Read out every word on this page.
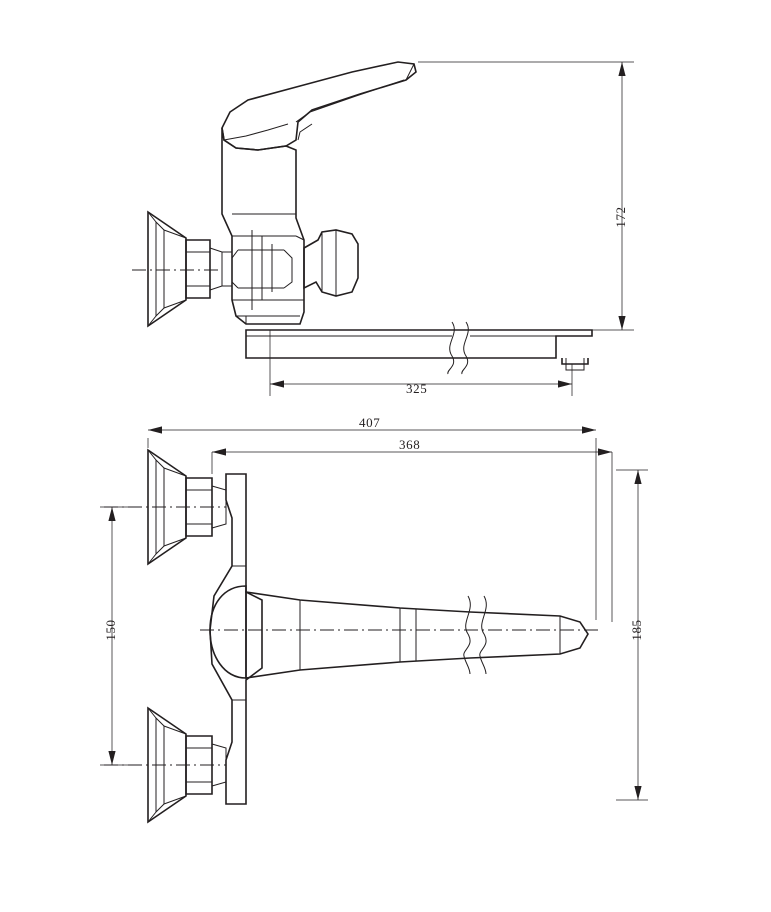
172
325
407
368
150	185
